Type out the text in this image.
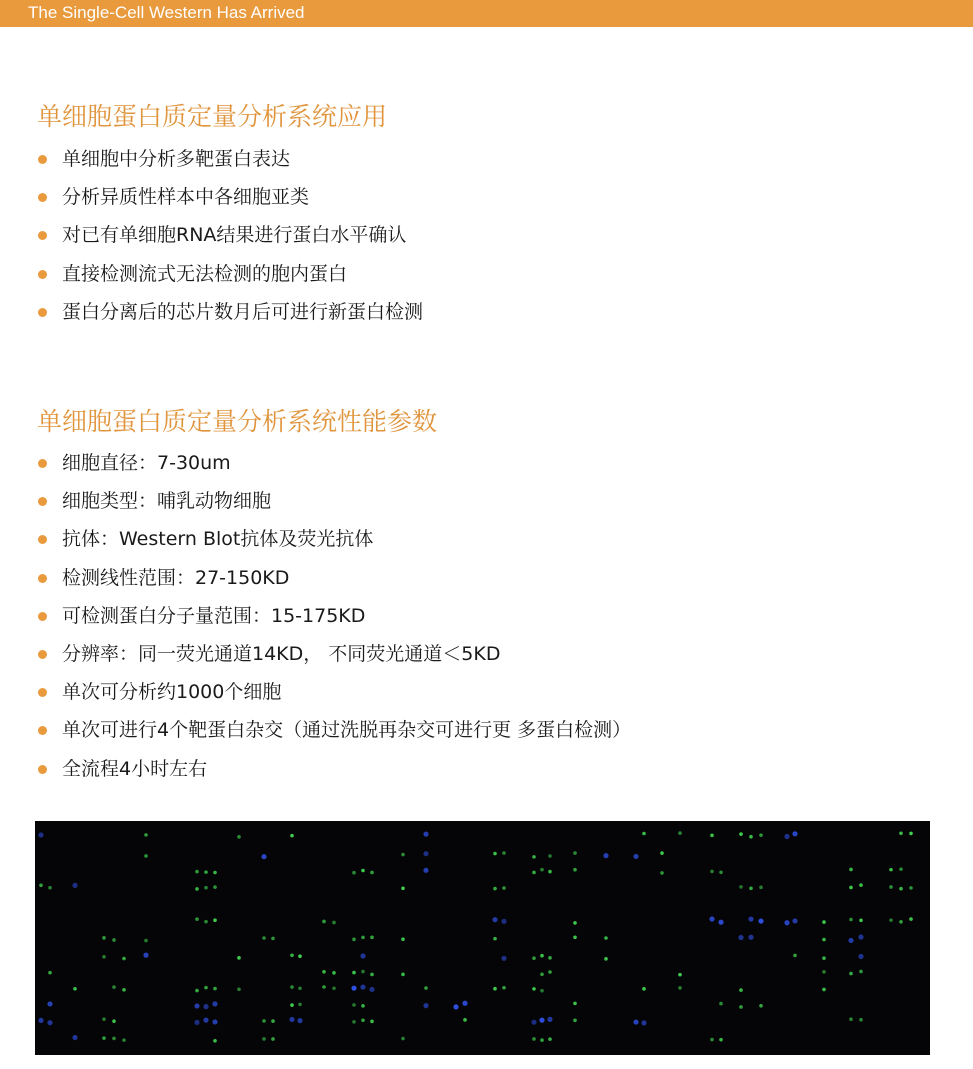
The Single-Cell Western Has Arrived
单细胞蛋白质定量分析系统应用
单细胞中分析多靶蛋白表达
分析异质性样本中各细胞亚类
对已有单细胞RNA结果进行蛋白水平确认
直接检测流式无法检测的胞内蛋白
蛋白分离后的芯片数月后可进行新蛋白检测
单细胞蛋白质定量分析系统性能参数
细胞直径：7-30um
细胞类型：哺乳动物细胞
抗体：Western Blot抗体及荧光抗体
检测线性范围：27-150KD
可检测蛋白分子量范围：15-175KD
分辨率：同一荧光通道14KD， 不同荧光通道＜5KD
单次可分析约1000个细胞
单次可进行4个靶蛋白杂交（通过洗脱再杂交可进行更 多蛋白检测）
全流程4小时左右
